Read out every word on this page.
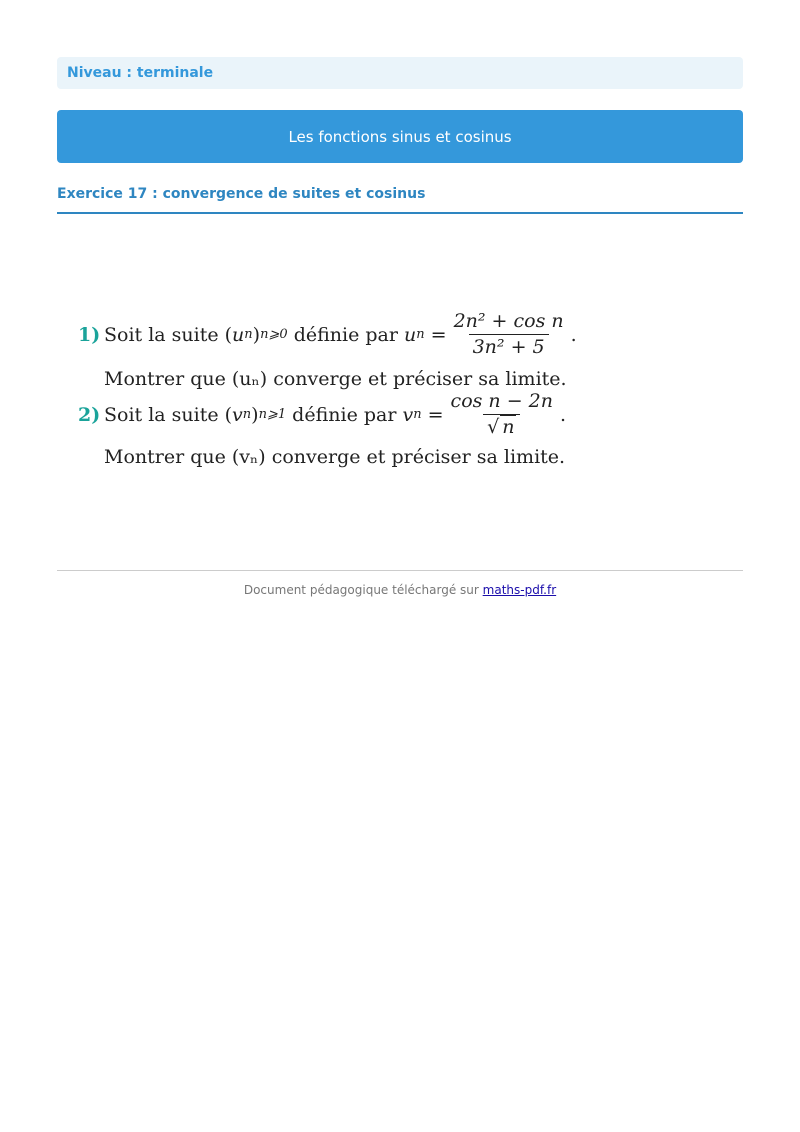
Niveau : terminale
Les fonctions sinus et cosinus
Exercice 17 : convergence de suites et cosinus
1) Soit la suite ( u n ) n⩾0
définie par
u n
= $\frac{\text{2n² + cos n}}{\text{3n² + 5}}$ .
Montrer que (uₙ) converge et préciser sa limite.
2) Soit la suite ( v n ) n⩾1
définie par
v n
= $\frac{\text{cos n − 2n}}{√ n}$ .
Montrer que (vₙ) converge et préciser sa limite.
Document pédagogique téléchargé sur maths-pdf.fr
